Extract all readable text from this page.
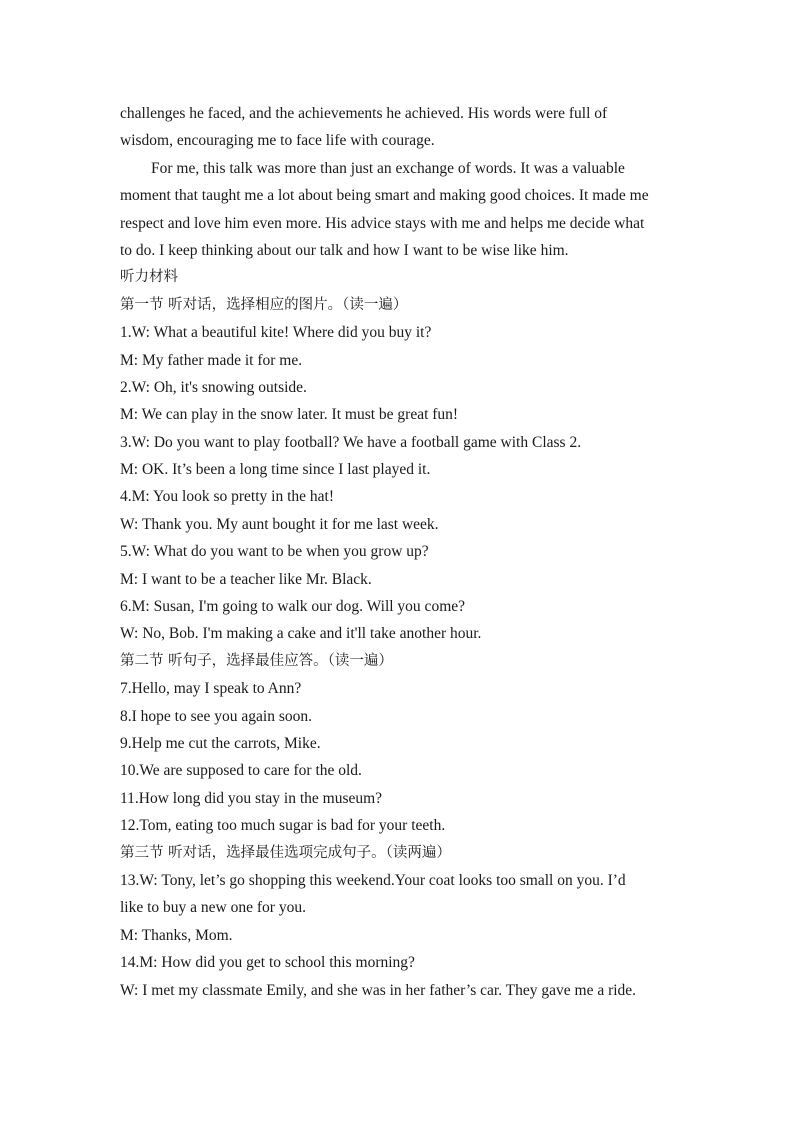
challenges he faced, and the achievements he achieved. His words were full of
wisdom, encouraging me to face life with courage.
For me, this talk was more than just an exchange of words. It was a valuable
moment that taught me a lot about being smart and making good choices. It made me
respect and love him even more. His advice stays with me and helps me decide what
to do. I keep thinking about our talk and how I want to be wise like him.
听力材料
第一节 听对话，选择相应的图片。（读一遍）
1.W: What a beautiful kite! Where did you buy it?
M: My father made it for me.
2.W: Oh, it's snowing outside.
M: We can play in the snow later. It must be great fun!
3.W: Do you want to play football? We have a football game with Class 2.
M: OK. It’s been a long time since I last played it.
4.M: You look so pretty in the hat!
W: Thank you. My aunt bought it for me last week.
5.W: What do you want to be when you grow up?
M: I want to be a teacher like Mr. Black.
6.M: Susan, I'm going to walk our dog. Will you come?
W: No, Bob. I'm making a cake and it'll take another hour.
第二节 听句子，选择最佳应答。（读一遍）
7.Hello, may I speak to Ann?
8.I hope to see you again soon.
9.Help me cut the carrots, Mike.
10.We are supposed to care for the old.
11.How long did you stay in the museum?
12.Tom, eating too much sugar is bad for your teeth.
第三节 听对话，选择最佳选项完成句子。（读两遍）
13.W: Tony, let’s go shopping this weekend.Your coat looks too small on you. I’d
like to buy a new one for you.
M: Thanks, Mom.
14.M: How did you get to school this morning?
W: I met my classmate Emily, and she was in her father’s car. They gave me a ride.
